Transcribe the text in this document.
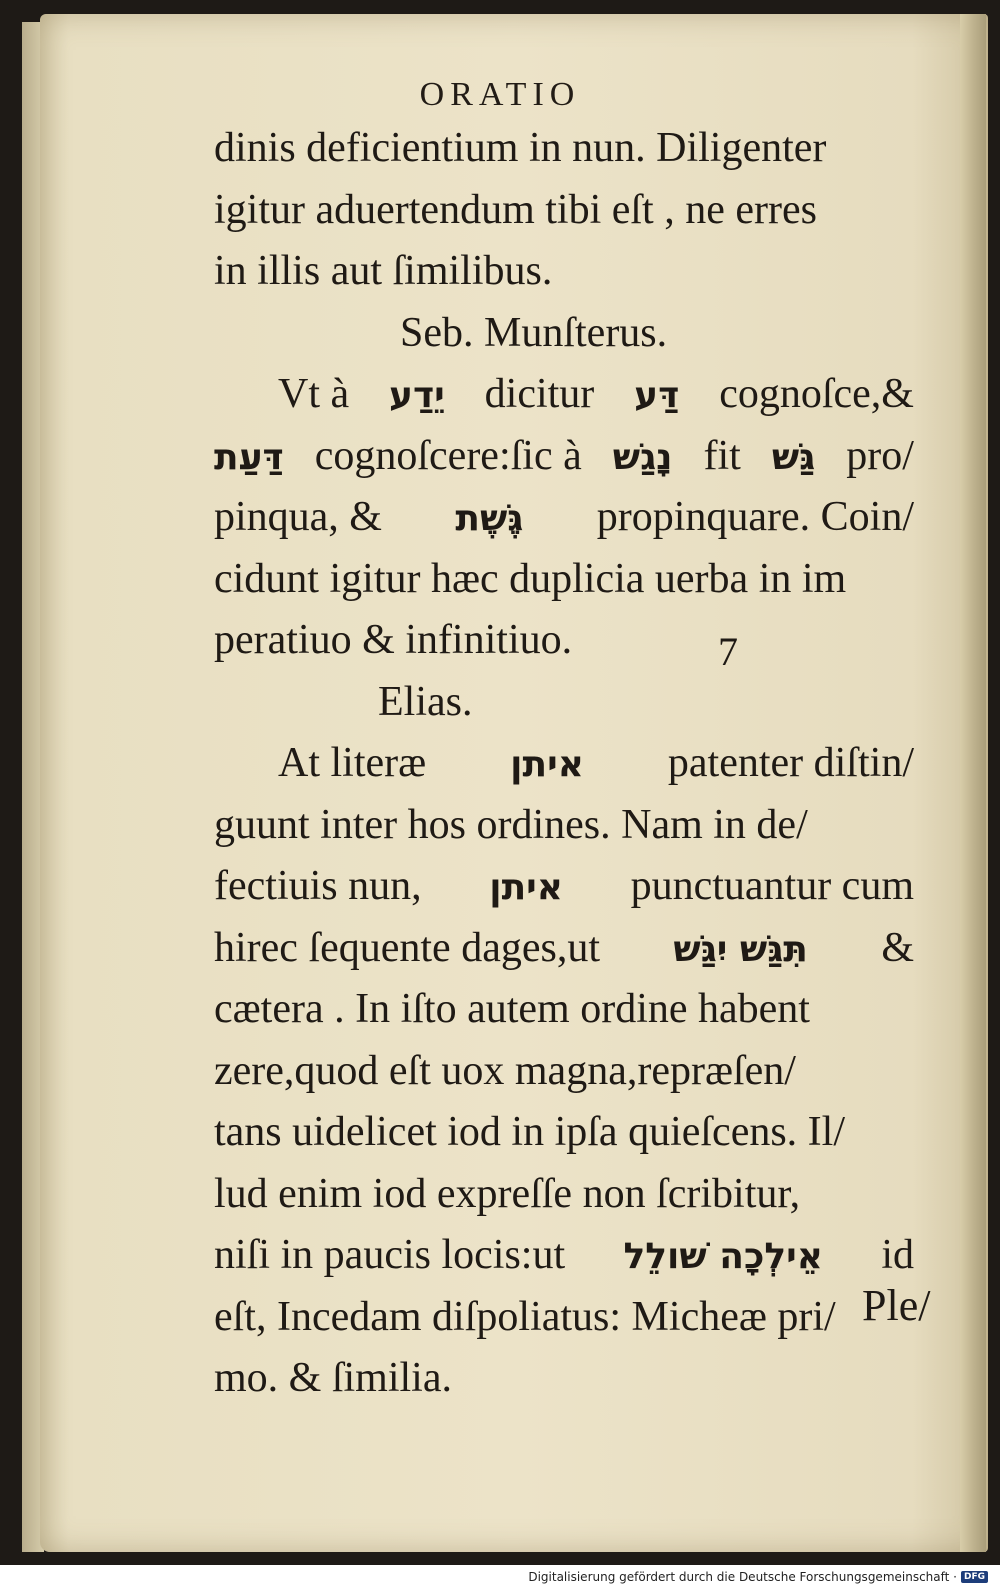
ORATIO
dinis deficientium in nun. Diligenter
igitur aduertendum tibi eſt , ne erres
in illis aut ſimilibus.
Seb. Munſterus.
Vt à יֵדַע dicitur דַּע cognoſce,&
דַּעַת cognoſcere:ſic à נָגַשׁ fit גַּשׁ pro/
pinqua, & גֶּשֶׁת propinquare. Coin/
cidunt igitur hæc duplicia uerba in im
peratiuo & infinitiuo.
Elias.
At literæ איתן patenter diſtin/
guunt inter hos ordines. Nam in de/
fectiuis nun, איתן punctuantur cum
hirec ſequente dages,ut תִּגַּשׁ יִגַּשׁ &
cætera . In iſto autem ordine habent
zere,quod eſt uox magna,repræſen/
tans uidelicet iod in ipſa quieſcens. Il/
lud enim iod expreſſe non ſcribitur,
niſi in paucis locis:ut אֵילְכָה שׁולֵל id
eſt, Incedam diſpoliatus: Micheæ pri/
mo. & ſimilia.
7
Ple/
Digitalisierung gefördert durch die Deutsche Forschungsgemeinschaft · DFG
